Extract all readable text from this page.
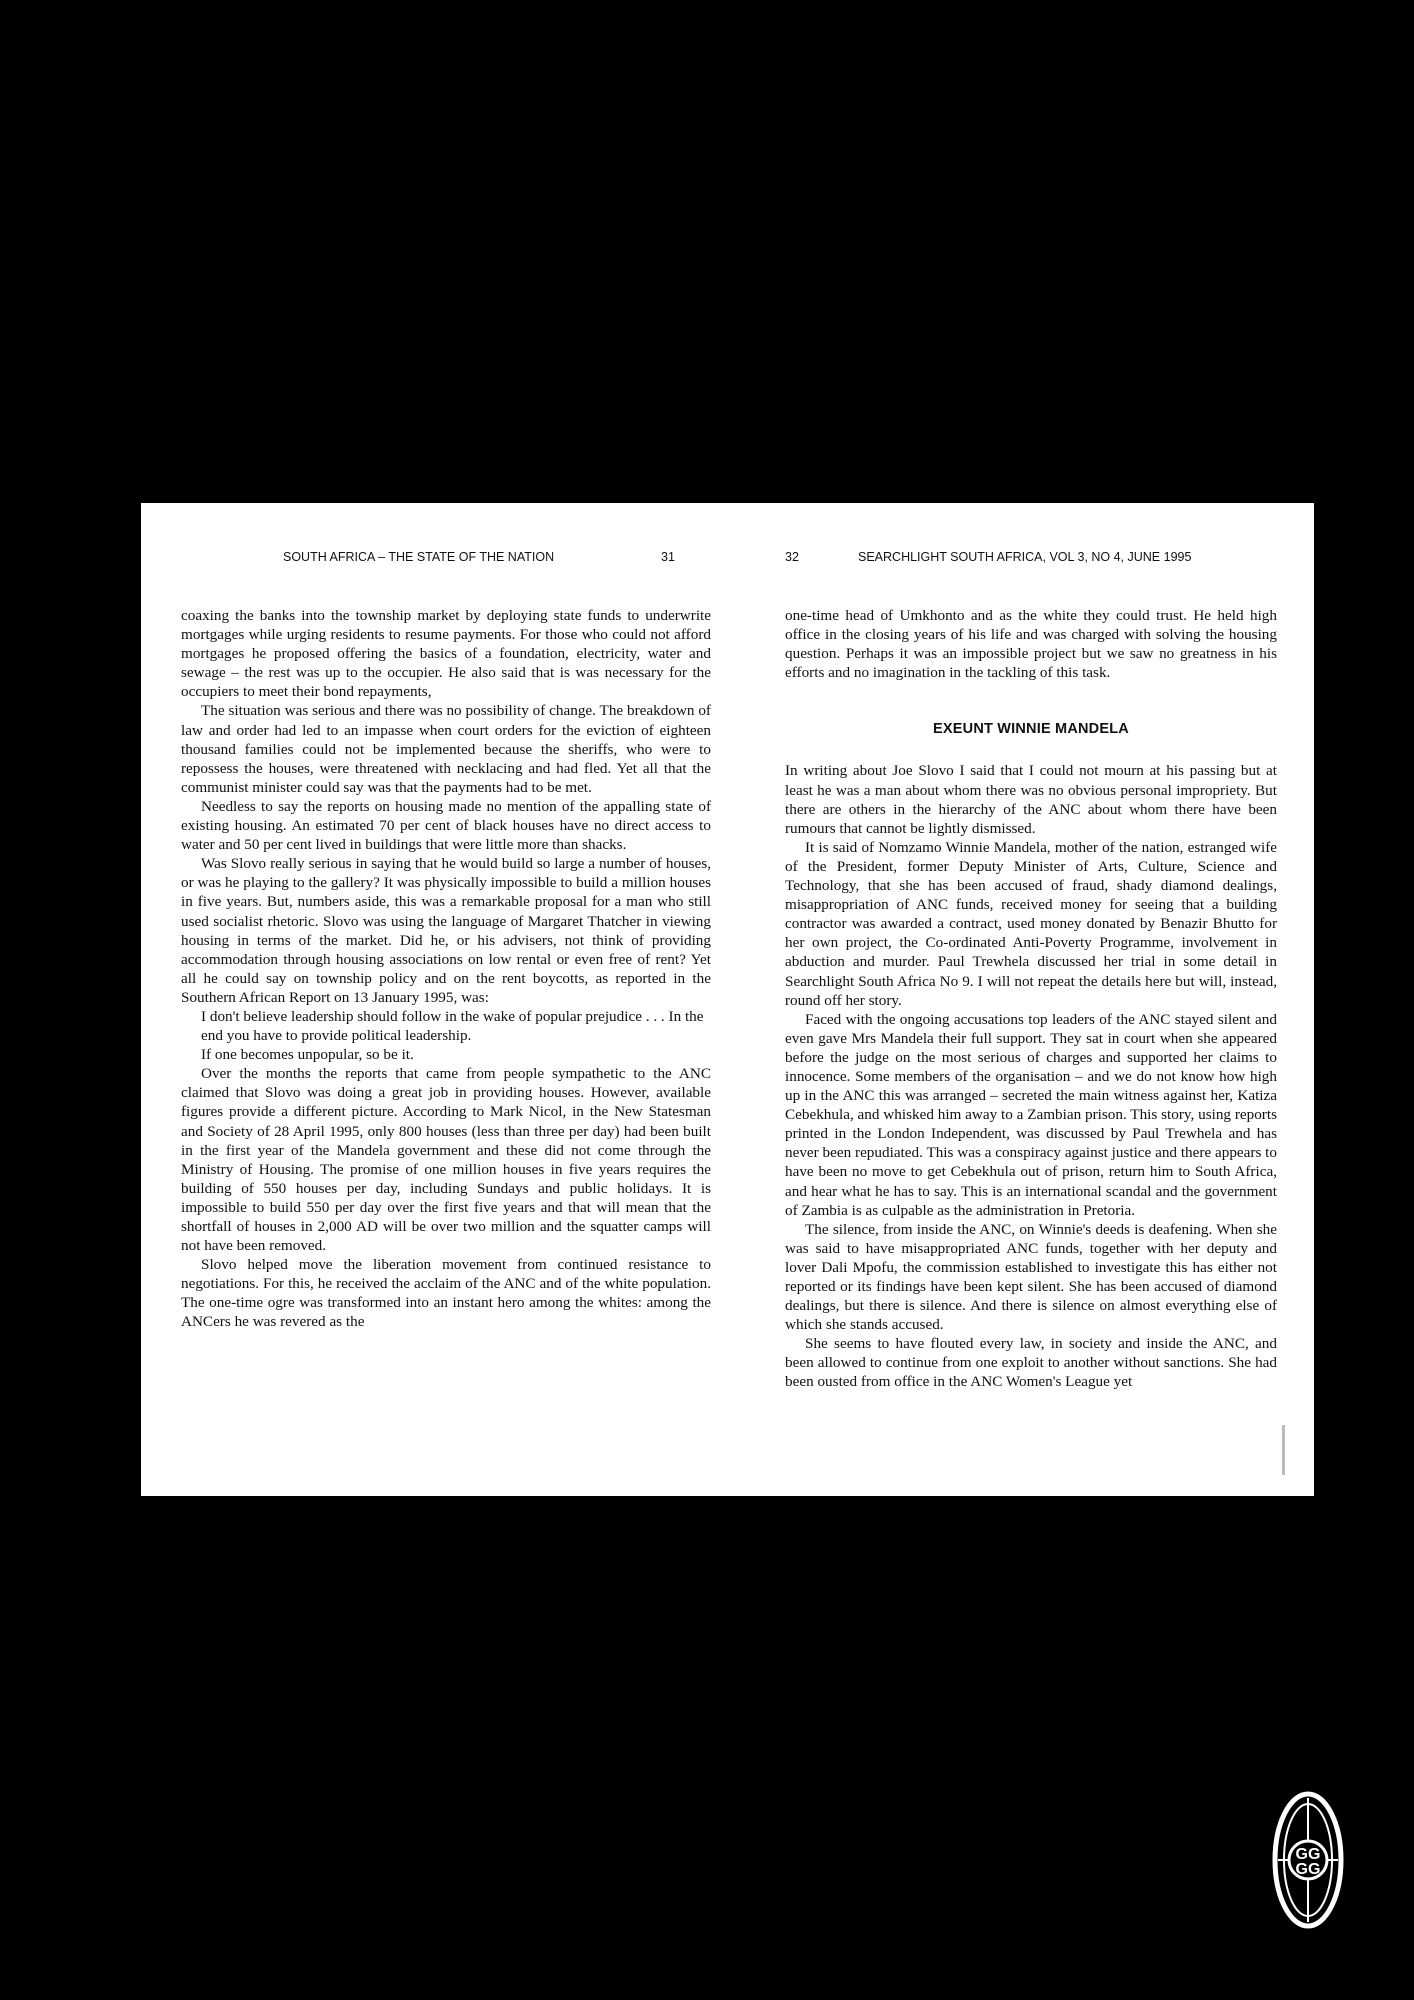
SOUTH AFRICA – THE STATE OF THE NATION	31

coaxing the banks into the township market by deploying state funds to underwrite mortgages while urging residents to resume payments. For those who could not afford mortgages he proposed offering the basics of a foundation, electricity, water and sewage – the rest was up to the occupier. He also said that is was necessary for the occupiers to meet their bond repayments,

The situation was serious and there was no possibility of change. The breakdown of law and order had led to an impasse when court orders for the eviction of eighteen thousand families could not be implemented because the sheriffs, who were to repossess the houses, were threatened with necklacing and had fled. Yet all that the communist minister could say was that the payments had to be met.

Needless to say the reports on housing made no mention of the appalling state of existing housing. An estimated 70 per cent of black houses have no direct access to water and 50 per cent lived in buildings that were little more than shacks.

Was Slovo really serious in saying that he would build so large a number of houses, or was he playing to the gallery? It was physically impossible to build a million houses in five years. But, numbers aside, this was a remarkable proposal for a man who still used socialist rhetoric. Slovo was using the language of Margaret Thatcher in viewing housing in terms of the market. Did he, or his advisers, not think of providing accommodation through housing associations on low rental or even free of rent? Yet all he could say on township policy and on the rent boycotts, as reported in the Southern African Report on 13 January 1995, was:

I don't believe leadership should follow in the wake of popular prejudice . . . In the end you have to provide political leadership.

If one becomes unpopular, so be it.

Over the months the reports that came from people sympathetic to the ANC claimed that Slovo was doing a great job in providing houses. However, available figures provide a different picture. According to Mark Nicol, in the New Statesman and Society of 28 April 1995, only 800 houses (less than three per day) had been built in the first year of the Mandela government and these did not come through the Ministry of Housing. The promise of one million houses in five years requires the building of 550 houses per day, including Sundays and public holidays. It is impossible to build 550 per day over the first five years and that will mean that the shortfall of houses in 2,000 AD will be over two million and the squatter camps will not have been removed.

Slovo helped move the liberation movement from continued resistance to negotiations. For this, he received the acclaim of the ANC and of the white population. The one-time ogre was transformed into an instant hero among the whites: among the ANCers he was revered as the

32	SEARCHLIGHT SOUTH AFRICA, VOL 3, NO 4, JUNE 1995

one-time head of Umkhonto and as the white they could trust. He held high office in the closing years of his life and was charged with solving the housing question. Perhaps it was an impossible project but we saw no greatness in his efforts and no imagination in the tackling of this task.

EXEUNT WINNIE MANDELA

In writing about Joe Slovo I said that I could not mourn at his passing but at least he was a man about whom there was no obvious personal impropriety. But there are others in the hierarchy of the ANC about whom there have been rumours that cannot be lightly dismissed.

It is said of Nomzamo Winnie Mandela, mother of the nation, estranged wife of the President, former Deputy Minister of Arts, Culture, Science and Technology, that she has been accused of fraud, shady diamond dealings, misappropriation of ANC funds, received money for seeing that a building contractor was awarded a contract, used money donated by Benazir Bhutto for her own project, the Co-ordinated Anti-Poverty Programme, involvement in abduction and murder. Paul Trewhela discussed her trial in some detail in Searchlight South Africa No 9. I will not repeat the details here but will, instead, round off her story.

Faced with the ongoing accusations top leaders of the ANC stayed silent and even gave Mrs Mandela their full support. They sat in court when she appeared before the judge on the most serious of charges and supported her claims to innocence. Some members of the organisation – and we do not know how high up in the ANC this was arranged – secreted the main witness against her, Katiza Cebekhula, and whisked him away to a Zambian prison. This story, using reports printed in the London Independent, was discussed by Paul Trewhela and has never been repudiated. This was a conspiracy against justice and there appears to have been no move to get Cebekhula out of prison, return him to South Africa, and hear what he has to say. This is an international scandal and the government of Zambia is as culpable as the administration in Pretoria.

The silence, from inside the ANC, on Winnie's deeds is deafening. When she was said to have misappropriated ANC funds, together with her deputy and lover Dali Mpofu, the commission established to investigate this has either not reported or its findings have been kept silent. She has been accused of diamond dealings, but there is silence. And there is silence on almost everything else of which she stands accused.

She seems to have flouted every law, in society and inside the ANC, and been allowed to continue from one exploit to another without sanctions. She had been ousted from office in the ANC Women's League yet

GG
GG
